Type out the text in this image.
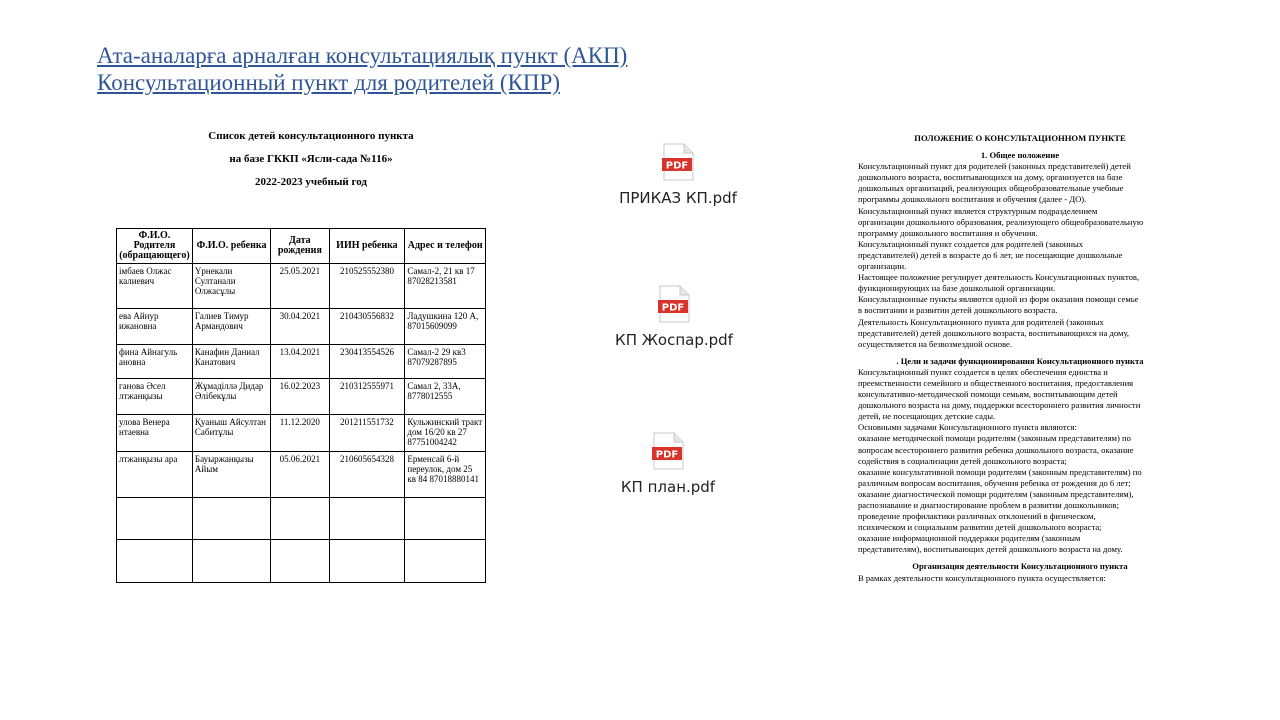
Ата-аналарға арналған консультациялық пункт (АКП)
Консультационный пункт для родителей (КПР)
Список детей консультационного пункта
на базе ГККП «Ясли-сада №116»
2022-2023 учебный год
Ф.И.О. Родителя (обращающего)	Ф.И.О. ребенка	Дата рождения	ИИН ребенка	Адрес и телефон
імбаев Олжас калиевич	Үрнекали Султанали Олжасұлы	25.05.2021	210525552380	Самал-2, 21 кв 17 87028213581
ева Айнур ижановна	Галиев Тимур Армандович	30.04.2021	210430556832	Ладушкина 120 А, 87015609099
фина Айнагуль ановна	Канафин Даниал Канатович	13.04.2021	230413554526	Самал-2 29 кв3 87079287895
ганова Әсел лтжанқызы	Жұмаділлә Дидар Әлібекұлы	16.02.2023	210312555971	Самал 2, 33А, 8778012555
улова Венера нтаевна	Қуаныш Айсултан Сабитұлы	11.12.2020	201211551732	Кульжинский тракт дом 16/20 кв 27 87751004242
лтжанқызы ара	Бауыржанқызы Айым	05.06.2021	210605654328	Ерменсай 6-й переулок, дом 25 кв 84 87018880141

PDF
ПРИКАЗ КП.pdf
PDF
КП Жоспар.pdf
PDF
КП план.pdf
ПОЛОЖЕНИЕ О КОНСУЛЬТАЦИОННОМ ПУНКТЕ
1. Общее положение
Консультационный пункт для родителей (законных представителей) детей
дошкольного возраста, воспитывающихся на дому, организуется на базе
дошкольных организаций, реализующих общеобразовательные учебные
программы дошкольного воспитания и обучения (далее - ДО).
Консультационный пункт является структурным подразделением
организации дошкольного образования, реализующего общеобразовательную
программу дошкольного воспитания и обучения.
Консультационный пункт создается для родителей (законных
представителей) детей в возрасте до 6 лет, не посещающие дошкольные
организации.
Настоящее положение регулирует деятельность Консультационных пунктов,
функционирующих на базе дошкольной организации.
Консультационные пункты являются одной из форм оказания помощи семье
в воспитании и развитии детей дошкольного возраста.
Деятельность Консультационного пункта для родителей (законных
представителей) детей дошкольного возраста, воспитывающихся на дому,
осуществляется на безвозмездной основе.
. Цели и задачи функционирования Консультационного пункта
Консультационный пункт создается в целях обеспечения единства и
преемственности семейного и общественного воспитания, предоставления
консультативно-методической помощи семьям, воспитывающим детей
дошкольного возраста на дому, поддержки всестороннего развития личности
детей, не посещающих детские сады.
Основными задачами Консультационного пункта являются:
оказание методической помощи родителям (законным представителям) по
вопросам всестороннего развития ребенка дошкольного возраста, оказание
содействия в социализации детей дошкольного возраста;
оказание консультативной помощи родителям (законным представителям) по
различным вопросам воспитания, обучения ребенка от рождения до 6 лет;
оказание диагностической помощи родителям (законным представителям),
распознавание и диагностирование проблем в развитии дошкольников;
проведение профилактики различных отклонений в физическом,
психическом и социальном развитии детей дошкольного возраста;
оказание информационной поддержки родителям (законным
представителям), воспитывающих детей дошкольного возраста на дому.
Организация деятельности Консультационного пункта
В рамках деятельности консультационного пункта осуществляется:
